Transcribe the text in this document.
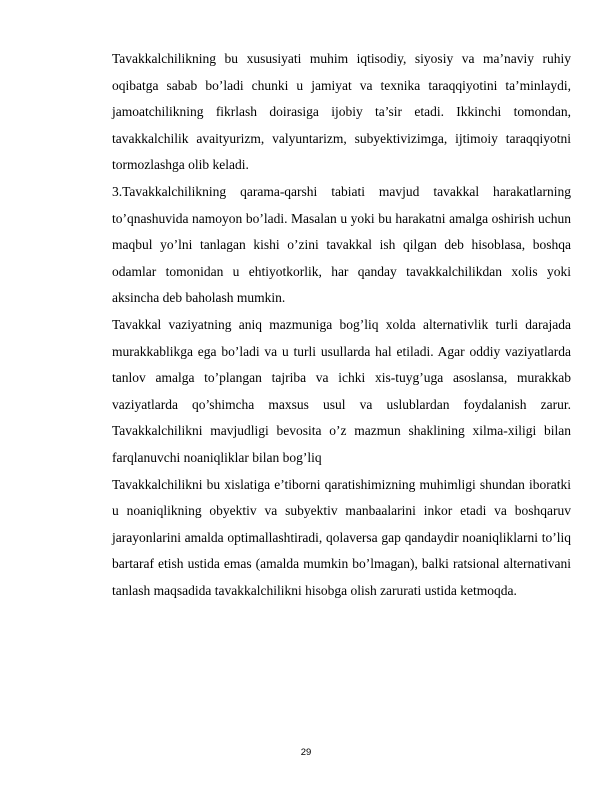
Tavakkalchilikning bu xususiyati muhim iqtisodiy, siyosiy va ma’naviy ruhiy oqibatga sabab bo’ladi chunki u jamiyat va texnika taraqqiyotini ta’minlaydi, jamoatchilikning fikrlash doirasiga ijobiy ta’sir etadi. Ikkinchi tomondan, tavakkalchilik avaityurizm, valyuntarizm, subyektivizimga, ijtimoiy taraqqiyotni tormozlashga olib keladi.

3.Tavakkalchilikning qarama-qarshi tabiati mavjud tavakkal harakatlarning to’qnashuvida namoyon bo’ladi. Masalan u yoki bu harakatni amalga oshirish uchun maqbul yo’lni tanlagan kishi o’zini tavakkal ish qilgan deb hisoblasa, boshqa odamlar tomonidan u ehtiyotkorlik, har qanday tavakkalchilikdan xolis yoki aksincha deb baholash mumkin.

Tavakkal vaziyatning aniq mazmuniga bog’liq xolda alternativlik turli darajada murakkablikga ega bo’ladi va u turli usullarda hal etiladi. Agar oddiy vaziyatlarda tanlov amalga to’plangan tajriba va ichki xis-tuyg’uga asoslansa, murakkab vaziyatlarda qo’shimcha maxsus usul va uslublardan foydalanish zarur. Tavakkalchilikni mavjudligi bevosita o’z mazmun shaklining xilma-xiligi bilan farqlanuvchi noaniqliklar bilan bog’liq

Tavakkalchilikni bu xislatiga e’tiborni qaratishimizning muhimligi shundan iboratki u noaniqlikning obyektiv va subyektiv manbaalarini inkor etadi va boshqaruv jarayonlarini amalda optimallashtiradi, qolaversa gap qandaydir noaniqliklarni to’liq bartaraf etish ustida emas (amalda mumkin bo’lmagan), balki ratsional alternativani tanlash maqsadida tavakkalchilikni hisobga olish zarurati ustida ketmoqda.

29
